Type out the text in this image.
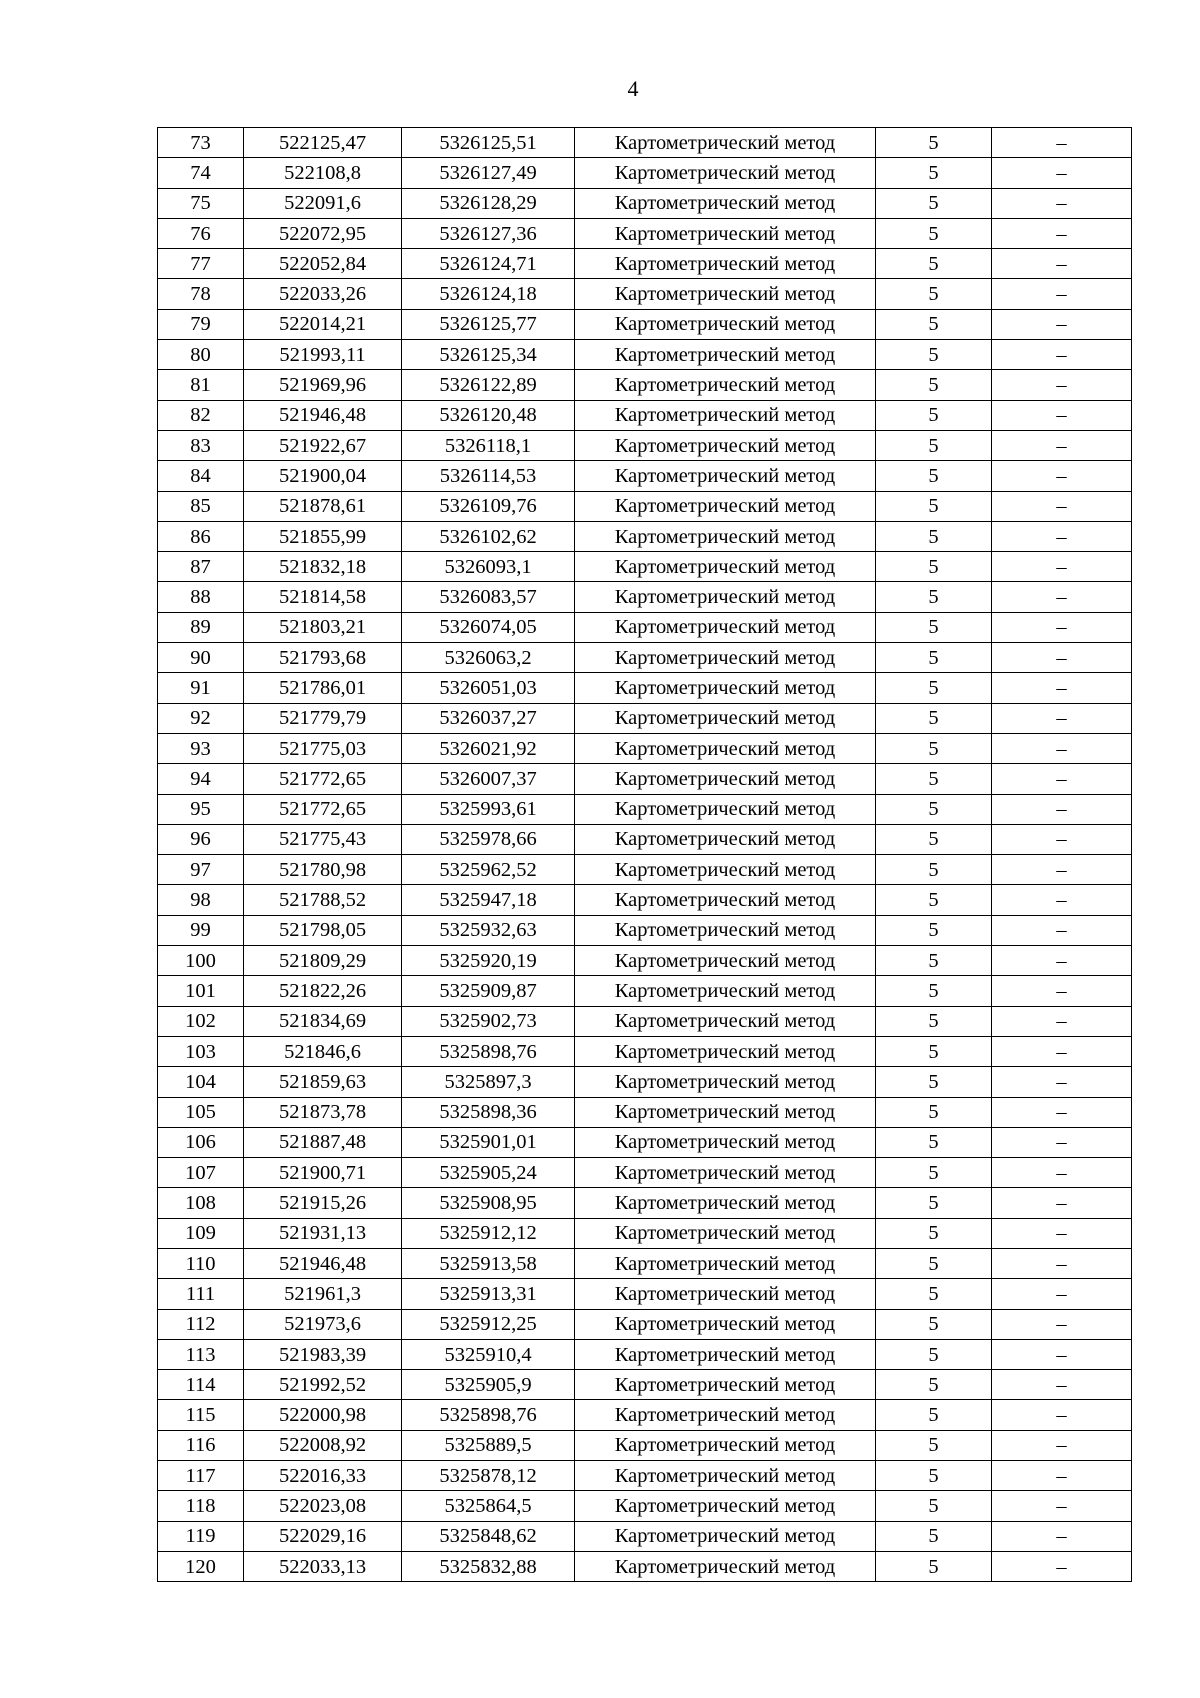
4
73	522125,47	5326125,51	Картометрический метод	5	–
74	522108,8	5326127,49	Картометрический метод	5	–
75	522091,6	5326128,29	Картометрический метод	5	–
76	522072,95	5326127,36	Картометрический метод	5	–
77	522052,84	5326124,71	Картометрический метод	5	–
78	522033,26	5326124,18	Картометрический метод	5	–
79	522014,21	5326125,77	Картометрический метод	5	–
80	521993,11	5326125,34	Картометрический метод	5	–
81	521969,96	5326122,89	Картометрический метод	5	–
82	521946,48	5326120,48	Картометрический метод	5	–
83	521922,67	5326118,1	Картометрический метод	5	–
84	521900,04	5326114,53	Картометрический метод	5	–
85	521878,61	5326109,76	Картометрический метод	5	–
86	521855,99	5326102,62	Картометрический метод	5	–
87	521832,18	5326093,1	Картометрический метод	5	–
88	521814,58	5326083,57	Картометрический метод	5	–
89	521803,21	5326074,05	Картометрический метод	5	–
90	521793,68	5326063,2	Картометрический метод	5	–
91	521786,01	5326051,03	Картометрический метод	5	–
92	521779,79	5326037,27	Картометрический метод	5	–
93	521775,03	5326021,92	Картометрический метод	5	–
94	521772,65	5326007,37	Картометрический метод	5	–
95	521772,65	5325993,61	Картометрический метод	5	–
96	521775,43	5325978,66	Картометрический метод	5	–
97	521780,98	5325962,52	Картометрический метод	5	–
98	521788,52	5325947,18	Картометрический метод	5	–
99	521798,05	5325932,63	Картометрический метод	5	–
100	521809,29	5325920,19	Картометрический метод	5	–
101	521822,26	5325909,87	Картометрический метод	5	–
102	521834,69	5325902,73	Картометрический метод	5	–
103	521846,6	5325898,76	Картометрический метод	5	–
104	521859,63	5325897,3	Картометрический метод	5	–
105	521873,78	5325898,36	Картометрический метод	5	–
106	521887,48	5325901,01	Картометрический метод	5	–
107	521900,71	5325905,24	Картометрический метод	5	–
108	521915,26	5325908,95	Картометрический метод	5	–
109	521931,13	5325912,12	Картометрический метод	5	–
110	521946,48	5325913,58	Картометрический метод	5	–
111	521961,3	5325913,31	Картометрический метод	5	–
112	521973,6	5325912,25	Картометрический метод	5	–
113	521983,39	5325910,4	Картометрический метод	5	–
114	521992,52	5325905,9	Картометрический метод	5	–
115	522000,98	5325898,76	Картометрический метод	5	–
116	522008,92	5325889,5	Картометрический метод	5	–
117	522016,33	5325878,12	Картометрический метод	5	–
118	522023,08	5325864,5	Картометрический метод	5	–
119	522029,16	5325848,62	Картометрический метод	5	–
120	522033,13	5325832,88	Картометрический метод	5	–
